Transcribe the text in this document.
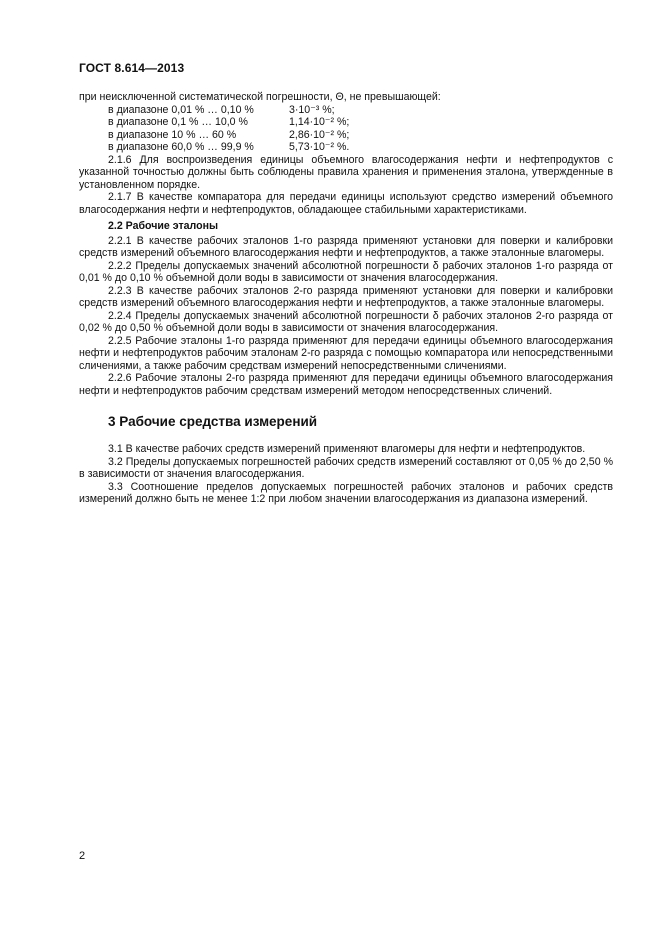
ГОСТ 8.614—2013

при неисключенной систематической погрешности, Θ, не превышающей:

в диапазоне 0,01 % … 0,10 %	3·10⁻³ %;
в диапазоне 0,1 % … 10,0 %	1,14·10⁻² %;
в диапазоне 10 % … 60 %	2,86·10⁻² %;
в диапазоне 60,0 % … 99,9 %	5,73·10⁻² %.

2.1.6 Для воспроизведения единицы объемного влагосодержания нефти и нефтепродуктов с указанной точностью должны быть соблюдены правила хранения и применения эталона, утвержденные в установленном порядке.

2.1.7 В качестве компаратора для передачи единицы используют средство измерений объемного влагосодержания нефти и нефтепродуктов, обладающее стабильными характеристиками.

2.2 Рабочие эталоны

2.2.1 В качестве рабочих эталонов 1-го разряда применяют установки для поверки и калибровки средств измерений объемного влагосодержания нефти и нефтепродуктов, а также эталонные влагомеры.

2.2.2 Пределы допускаемых значений абсолютной погрешности δ рабочих эталонов 1-го разряда от 0,01 % до 0,10 % объемной доли воды в зависимости от значения влагосодержания.

2.2.3 В качестве рабочих эталонов 2-го разряда применяют установки для поверки и калибровки средств измерений объемного влагосодержания нефти и нефтепродуктов, а также эталонные влагомеры.

2.2.4 Пределы допускаемых значений абсолютной погрешности δ рабочих эталонов 2-го разряда от 0,02 % до 0,50 % объемной доли воды в зависимости от значения влагосодержания.

2.2.5 Рабочие эталоны 1-го разряда применяют для передачи единицы объемного влагосодержания нефти и нефтепродуктов рабочим эталонам 2-го разряда с помощью компаратора или непосредственными сличениями, а также рабочим средствам измерений непосредственными сличениями.

2.2.6 Рабочие эталоны 2-го разряда применяют для передачи единицы объемного влагосодержания нефти и нефтепродуктов рабочим средствам измерений методом непосредственных сличений.

3 Рабочие средства измерений

3.1 В качестве рабочих средств измерений применяют влагомеры для нефти и нефтепродуктов.

3.2 Пределы допускаемых погрешностей рабочих средств измерений составляют от 0,05 % до 2,50 % в зависимости от значения влагосодержания.

3.3 Соотношение пределов допускаемых погрешностей рабочих эталонов и рабочих средств измерений должно быть не менее 1:2 при любом значении влагосодержания из диапазона измерений.

2
